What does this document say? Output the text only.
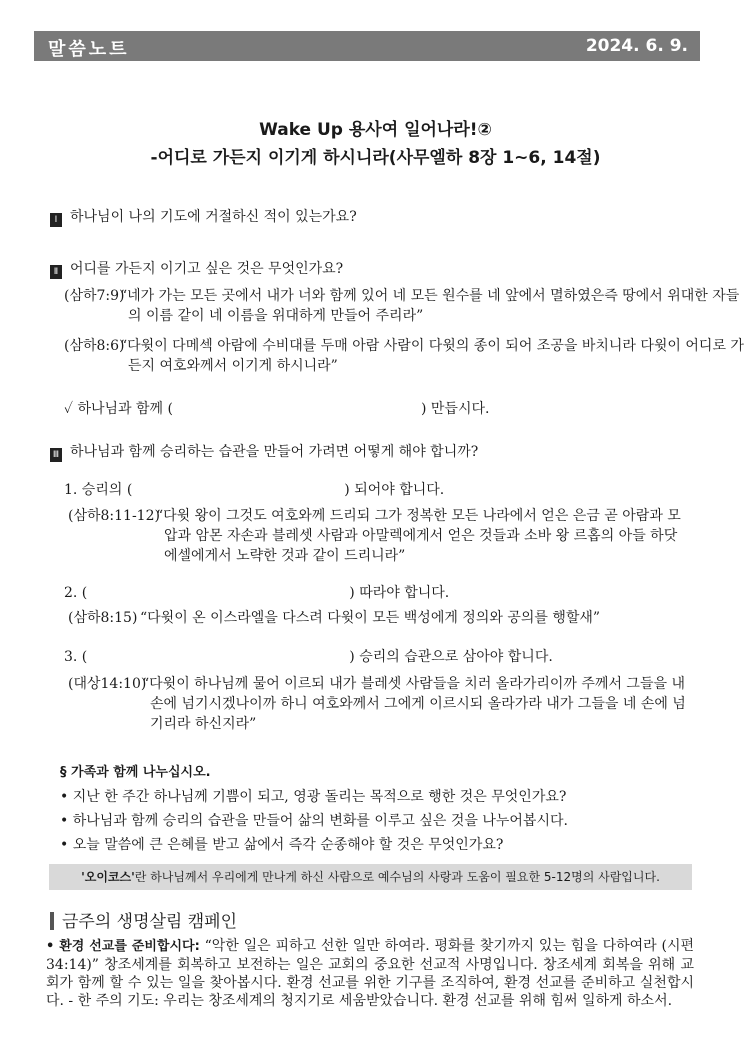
말씀노트	2024. 6. 9.
Wake Up 용사여 일어나라!②
-어디로 가든지 이기게 하시니라(사무엘하 8장 1~6, 14절)
Ⅰ 하나님이 나의 기도에 거절하신 적이 있는가요?
Ⅱ 어디를 가든지 이기고 싶은 것은 무엇인가요?
(삼하7:9)
“네가 가는 모든 곳에서 내가 너와 함께 있어 네 모든 원수를 네 앞에서 멸하였은즉 땅에서 위대한 자들의 이름 같이 네 이름을 위대하게 만들어 주리라”
(삼하8:6)
“다윗이 다메섹 아람에 수비대를 두매 아람 사람이 다윗의 종이 되어 조공을 바치니라 다윗이 어디로 가든지 여호와께서 이기게 하시니라”
✓ 하나님과 함께 (	) 만듭시다.
Ⅲ 하나님과 함께 승리하는 습관을 만들어 가려면 어떻게 해야 합니까?
1. 승리의 (	) 되어야 합니다.
(삼하8:11-12)
“다윗 왕이 그것도 여호와께 드리되 그가 정복한 모든 나라에서 얻은 은금 곧 아람과 모압과 암몬 자손과 블레셋 사람과 아말렉에게서 얻은 것들과 소바 왕 르홉의 아들 하닷에셀에게서 노략한 것과 같이 드리니라”
2. (	) 따라야 합니다.
(삼하8:15) “다윗이 온 이스라엘을 다스려 다윗이 모든 백성에게 정의와 공의를 행할새”
3. (	) 승리의 습관으로 삼아야 합니다.
(대상14:10)
“다윗이 하나님께 물어 이르되 내가 블레셋 사람들을 치러 올라가리이까 주께서 그들을 내 손에 넘기시겠나이까 하니 여호와께서 그에게 이르시되 올라가라 내가 그들을 네 손에 넘기리라 하신지라”
§ 가족과 함께 나누십시오.
• 지난 한 주간 하나님께 기쁨이 되고, 영광 돌리는 목적으로 행한 것은 무엇인가요?
• 하나님과 함께 승리의 습관을 만들어 삶의 변화를 이루고 싶은 것을 나누어봅시다.
• 오늘 말씀에 큰 은혜를 받고 삶에서 즉각 순종해야 할 것은 무엇인가요?
'오이코스'란 하나님께서 우리에게 만나게 하신 사람으로 예수님의 사랑과 도움이 필요한 5-12명의 사람입니다.
금주의 생명살림 캠페인
• 환경 선교를 준비합시다: “악한 일은 피하고 선한 일만 하여라. 평화를 찾기까지 있는 힘을 다하여라 (시편 34:14)” 창조세계를 회복하고 보전하는 일은 교회의 중요한 선교적 사명입니다. 창조세계 회복을 위해 교회가 함께 할 수 있는 일을 찾아봅시다. 환경 선교를 위한 기구를 조직하여, 환경 선교를 준비하고 실천합시다. - 한 주의 기도: 우리는 창조세계의 청지기로 세움받았습니다. 환경 선교를 위해 힘써 일하게 하소서.
